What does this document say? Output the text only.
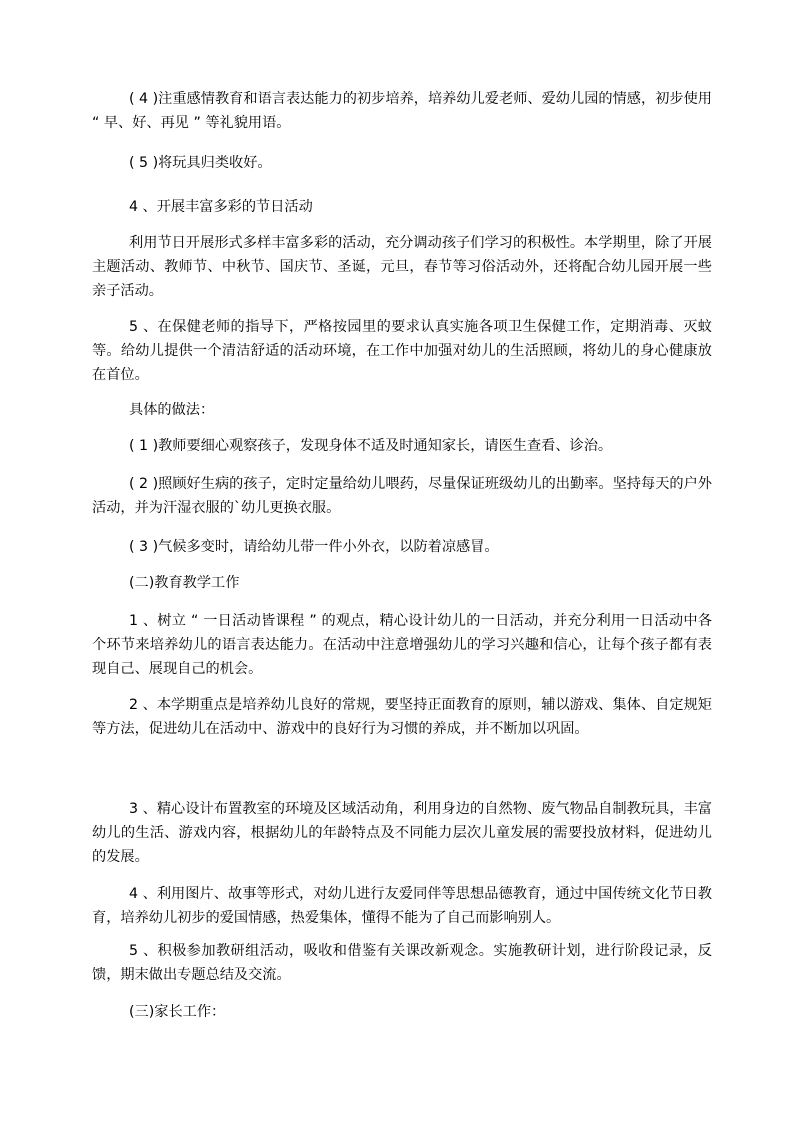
( 4 )注重感情教育和语言表达能力的初步培养，培养幼儿爱老师、爱幼儿园的情感，初步使用 “ 早、好、再见 ” 等礼貌用语。

( 5 )将玩具归类收好。

4 、开展丰富多彩的节日活动

利用节日开展形式多样丰富多彩的活动，充分调动孩子们学习的积极性。本学期里，除了开展主题活动、教师节、中秋节、国庆节、圣诞，元旦，春节等习俗活动外，还将配合幼儿园开展一些亲子活动。

5 、在保健老师的指导下，严格按园里的要求认真实施各项卫生保健工作，定期消毒、灭蚊等。给幼儿提供一个清洁舒适的活动环境，在工作中加强对幼儿的生活照顾，将幼儿的身心健康放在首位。

具体的做法：

( 1 )教师要细心观察孩子，发现身体不适及时通知家长，请医生查看、诊治。

( 2 )照顾好生病的孩子，定时定量给幼儿喂药，尽量保证班级幼儿的出勤率。坚持每天的户外活动，并为汗湿衣服的`幼儿更换衣服。

( 3 )气候多变时，请给幼儿带一件小外衣，以防着凉感冒。

(二)教育教学工作

1 、树立 “ 一日活动皆课程 ” 的观点，精心设计幼儿的一日活动，并充分利用一日活动中各个环节来培养幼儿的语言表达能力。在活动中注意增强幼儿的学习兴趣和信心，让每个孩子都有表现自己、展现自己的机会。

2 、本学期重点是培养幼儿良好的常规，要坚持正面教育的原则，辅以游戏、集体、自定规矩等方法，促进幼儿在活动中、游戏中的良好行为习惯的养成，并不断加以巩固。

3 、精心设计布置教室的环境及区域活动角，利用身边的自然物、废气物品自制教玩具，丰富幼儿的生活、游戏内容，根据幼儿的年龄特点及不同能力层次儿童发展的需要投放材料，促进幼儿的发展。

4 、利用图片、故事等形式，对幼儿进行友爱同伴等思想品德教育，通过中国传统文化节日教育，培养幼儿初步的爱国情感，热爱集体，懂得不能为了自己而影响别人。

5 、积极参加教研组活动，吸收和借鉴有关课改新观念。实施教研计划，进行阶段记录，反馈，期末做出专题总结及交流。

(三)家长工作：
